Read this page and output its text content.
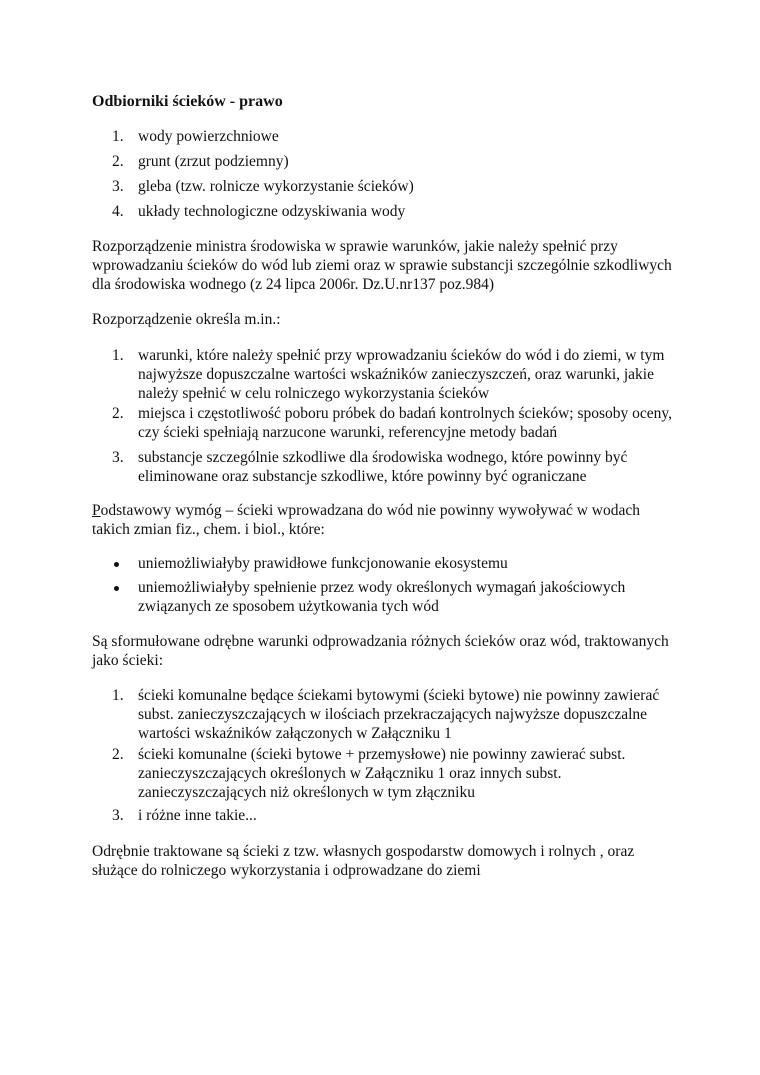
Odbiorniki ścieków - prawo
1. wody powierzchniowe
2. grunt (zrzut podziemny)
3. gleba (tzw. rolnicze wykorzystanie ścieków)
4. układy technologiczne odzyskiwania wody

Rozporządzenie ministra środowiska w sprawie warunków, jakie należy spełnić przy wprowadzaniu ścieków do wód lub ziemi oraz w sprawie substancji szczególnie szkodliwych dla środowiska wodnego (z 24 lipca 2006r. Dz.U.nr137 poz.984)

Rozporządzenie określa m.in.:

1. warunki, które należy spełnić przy wprowadzaniu ścieków do wód i do ziemi, w tym najwyższe dopuszczalne wartości wskaźników zanieczyszczeń, oraz warunki, jakie należy spełnić w celu rolniczego wykorzystania ścieków
2. miejsca i częstotliwość poboru próbek do badań kontrolnych ścieków; sposoby oceny, czy ścieki spełniają narzucone warunki, referencyjne metody badań
3. substancje szczególnie szkodliwe dla środowiska wodnego, które powinny być eliminowane oraz substancje szkodliwe, które powinny być ograniczane

Podstawowy wymóg – ścieki wprowadzana do wód nie powinny wywoływać w wodach takich zmian fiz., chem. i biol., które:

uniemożliwiałyby prawidłowe funkcjonowanie ekosystemu
uniemożliwiałyby spełnienie przez wody określonych wymagań jakościowych związanych ze sposobem użytkowania tych wód

Są sformułowane odrębne warunki odprowadzania różnych ścieków oraz wód, traktowanych jako ścieki:

1. ścieki komunalne będące ściekami bytowymi (ścieki bytowe) nie powinny zawierać subst. zanieczyszczających w ilościach przekraczających najwyższe dopuszczalne wartości wskaźników załączonych w Załączniku 1
2. ścieki komunalne (ścieki bytowe + przemysłowe) nie powinny zawierać subst. zanieczyszczających określonych w Załączniku 1 oraz innych subst. zanieczyszczających niż określonych w tym złączniku
3. i różne inne takie...

Odrębnie traktowane są ścieki z tzw. własnych gospodarstw domowych i rolnych , oraz służące do rolniczego wykorzystania i odprowadzane do ziemi
